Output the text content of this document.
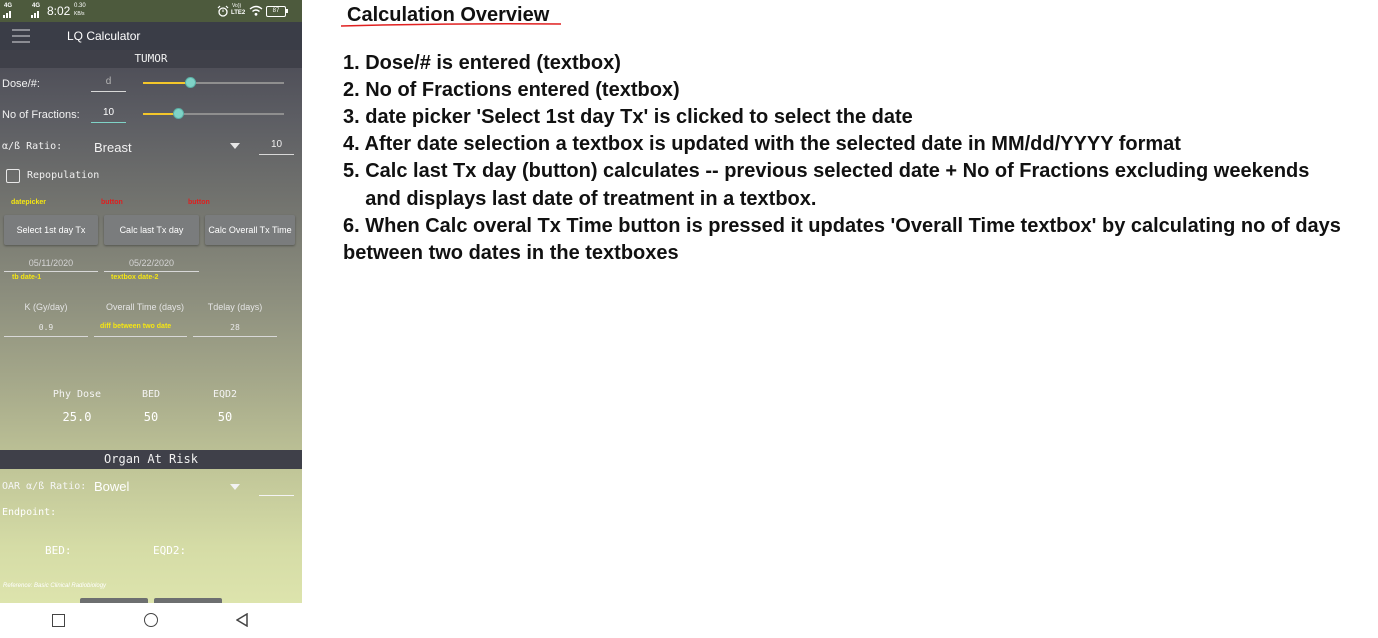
4G	4G 8:02 0.30
KB/s
Vo))
LTE2	87
LQ Calculator
TUMOR
Dose/#:	d
No of Fractions:	10
α/ß Ratio: Breast	10
Repopulation
datepicker	button	button
Select 1st day Tx	Calc last Tx day	Calc Overall Tx Time
05/11/2020	05/22/2020
tb date-1	textbox date-2
K (Gy/day)	Overall Time (days)	Tdelay (days)
0.9	diff between two date	28
Phy Dose	BED	EQD2
25.0	50	50
Organ At Risk
OAR α/ß Ratio: Bowel
Endpoint:
BED:	EQD2:
Reference: Basic Clinical Radiobiology
Calculation Overview
1. Dose/# is entered (textbox)
2. No of Fractions entered (textbox)
3. date picker 'Select 1st day Tx' is clicked to select the date
4. After date selection a textbox is updated with the selected date in MM/dd/YYYY format
5. Calc last Tx day (button) calculates -- previous selected date + No of Fractions excluding weekends
and displays last date of treatment in a textbox.
6. When Calc overal Tx Time button is pressed it updates 'Overall Time textbox' by calculating no of days
between two dates in the textboxes
